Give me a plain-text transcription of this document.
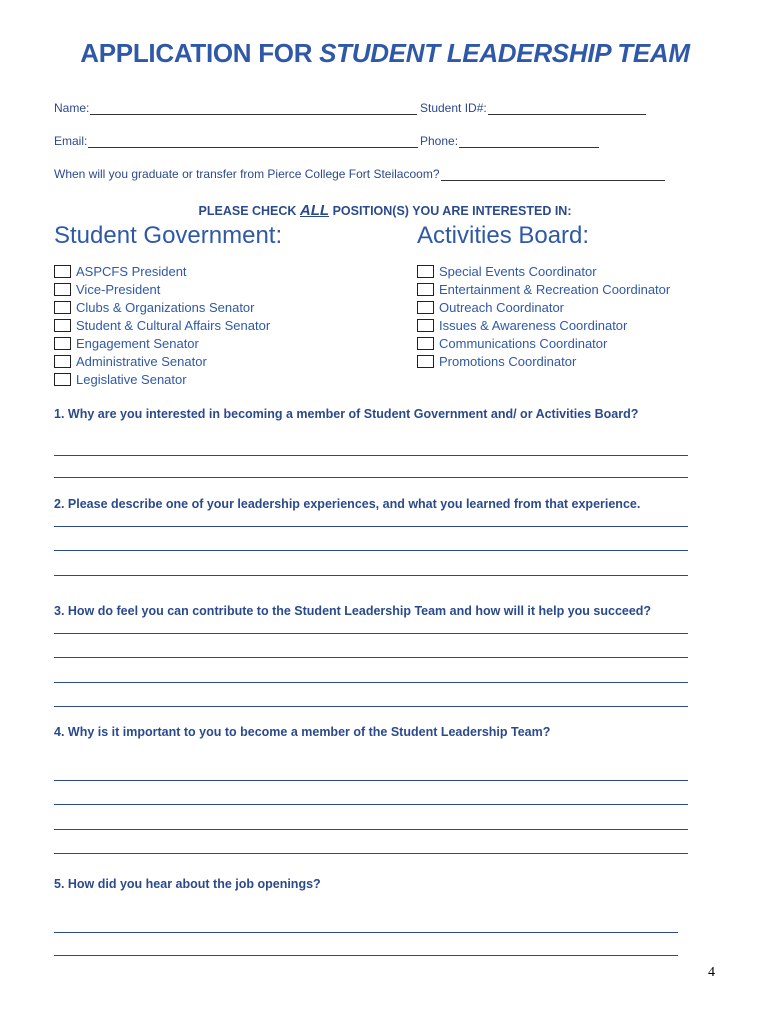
APPLICATION FOR STUDENT LEADERSHIP TEAM
Name:	Student ID#:
Email:	Phone:
When will you graduate or transfer from Pierce College Fort Steilacoom?
PLEASE CHECK ALL POSITION(S) YOU ARE INTERESTED IN:
Student Government:	Activities Board:
ASPCFS President
Vice-President
Clubs & Organizations Senator
Student & Cultural Affairs Senator
Engagement Senator
Administrative Senator
Legislative Senator
Special Events Coordinator
Entertainment & Recreation Coordinator
Outreach Coordinator
Issues & Awareness Coordinator
Communications Coordinator
Promotions Coordinator
1. Why are you interested in becoming a member of Student Government and/ or Activities Board?
2. Please describe one of your leadership experiences, and what you learned from that experience.
3. How do feel you can contribute to the Student Leadership Team and how will it help you succeed?
4. Why is it important to you to become a member of the Student Leadership Team?
5. How did you hear about the job openings?
4
